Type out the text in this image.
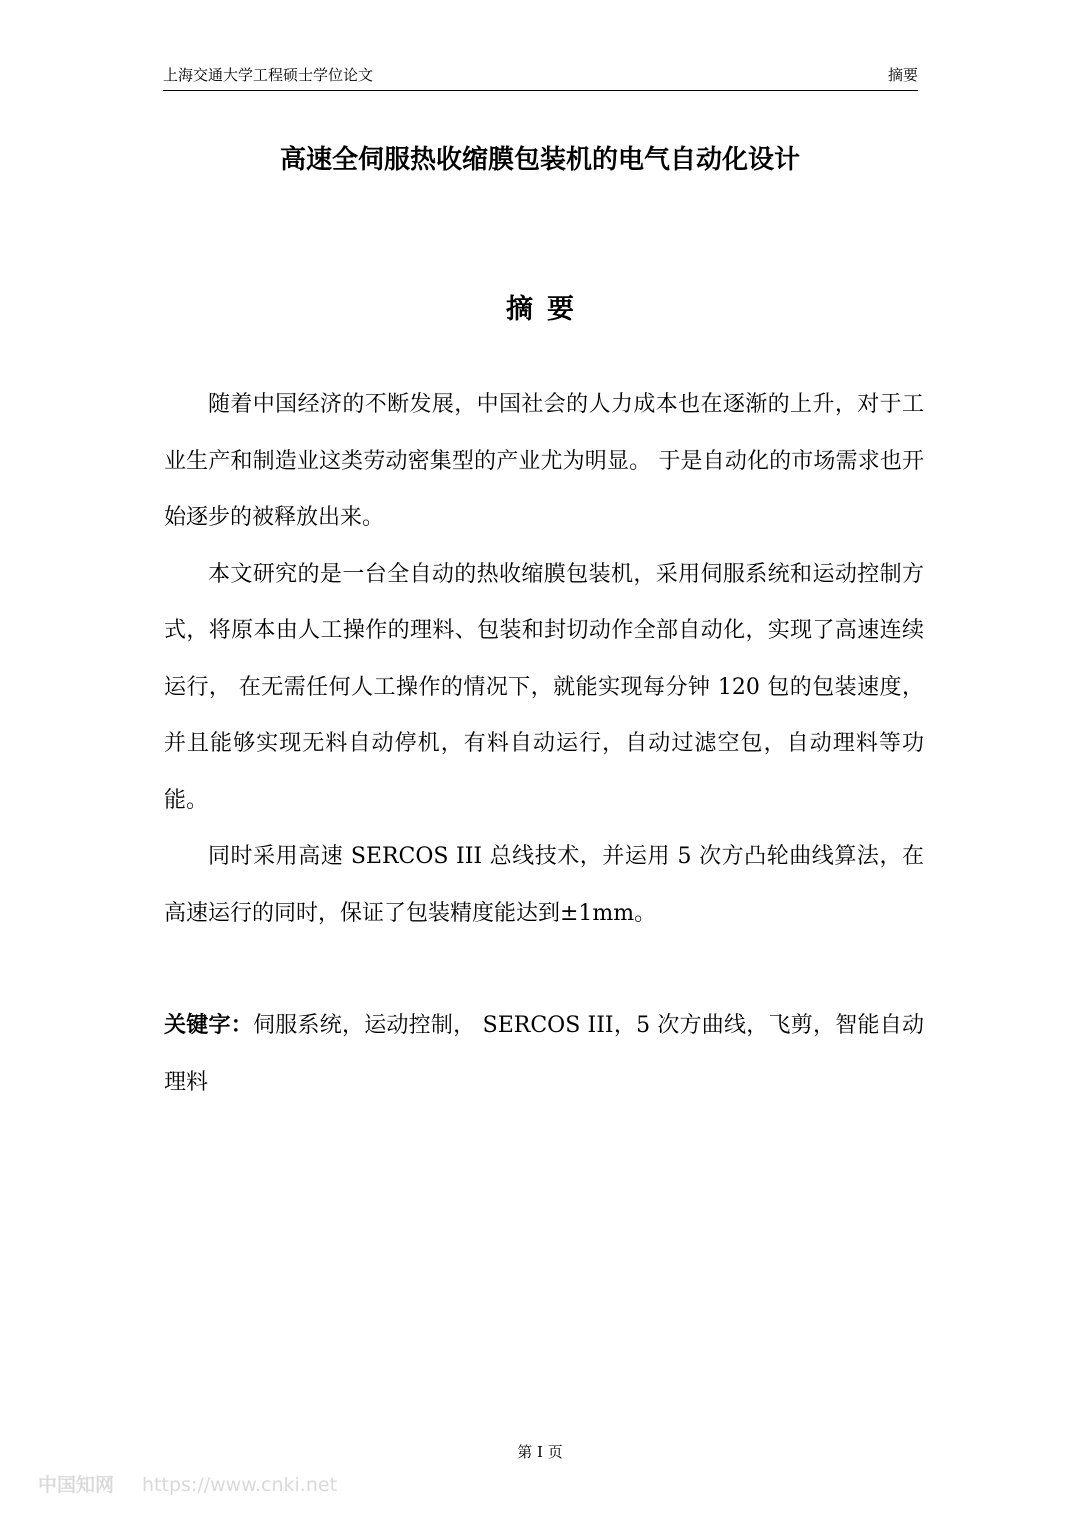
上海交通大学工程硕士学位论文	摘要
高速全伺服热收缩膜包装机的电气自动化设计
摘要

随着中国经济的不断发展，中国社会的人力成本也在逐渐的上升，对于工业生产和制造业这类劳动密集型的产业尤为明显。 于是自动化的市场需求也开始逐步的被释放出来。

本文研究的是一台全自动的热收缩膜包装机，采用伺服系统和运动控制方式，将原本由人工操作的理料、包装和封切动作全部自动化，实现了高速连续运行， 在无需任何人工操作的情况下，就能实现每分钟 120 包的包装速度，并且能够实现无料自动停机，有料自动运行，自动过滤空包，自动理料等功能。

同时采用高速 SERCOS III 总线技术，并运用 5 次方凸轮曲线算法，在高速运行的同时，保证了包装精度能达到±1mm。

关键字：伺服系统，运动控制， SERCOS III，5 次方曲线，飞剪，智能自动理料
第 I 页
中国知网 https://www.cnki.net
